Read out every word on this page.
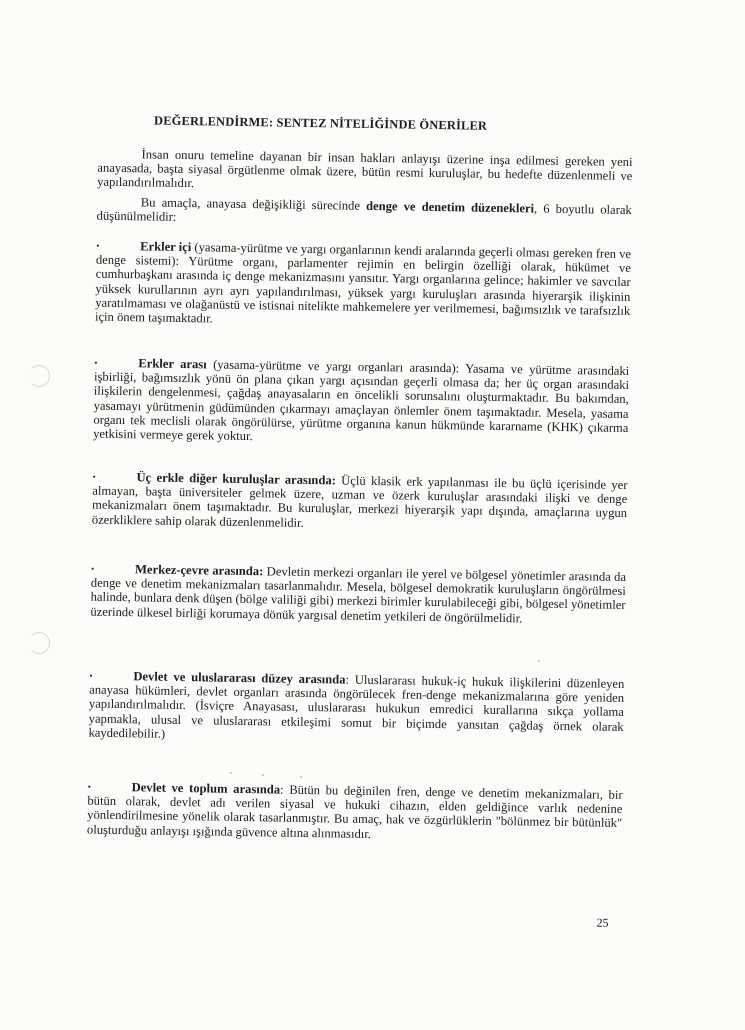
DEĞERLENDİRME: SENTEZ NİTELİĞİNDE ÖNERİLER

İnsan onuru temeline dayanan bir insan hakları anlayışı üzerine inşa edilmesi gereken yeni anayasada, başta siyasal örgütlenme olmak üzere, bütün resmi kuruluşlar, bu hedefte düzenlenmeli ve yapılandırılmalıdır.

Bu amaçla, anayasa değişikliği sürecinde denge ve denetim düzenekleri, 6 boyutlu olarak düşünülmelidir:

•	Erkler içi (yasama-yürütme ve yargı organlarının kendi aralarında geçerli olması gereken fren ve denge sistemi): Yürütme organı, parlamenter rejimin en belirgin özelliği olarak, hükümet ve cumhurbaşkanı arasında iç denge mekanizmasını yansıtır. Yargı organlarına gelince; hakimler ve savcılar yüksek kurullarının ayrı ayrı yapılandırılması, yüksek yargı kuruluşları arasında hiyerarşik ilişkinin yaratılmaması ve olağanüstü ve istisnai nitelikte mahkemelere yer verilmemesi, bağımsızlık ve tarafsızlık için önem taşımaktadır.

•	Erkler arası (yasama-yürütme ve yargı organları arasında): Yasama ve yürütme arasındaki işbirliği, bağımsızlık yönü ön plana çıkan yargı açısından geçerli olmasa da; her üç organ arasındaki ilişkilerin dengelenmesi, çağdaş anayasaların en öncelikli sorunsalını oluşturmaktadır. Bu bakımdan, yasamayı yürütmenin güdümünden çıkarmayı amaçlayan önlemler önem taşımaktadır. Mesela, yasama organı tek meclisli olarak öngörülürse, yürütme organına kanun hükmünde kararname (KHK) çıkarma yetkisini vermeye gerek yoktur.

•	Üç erkle diğer kuruluşlar arasında: Üçlü klasik erk yapılanması ile bu üçlü içerisinde yer almayan, başta üniversiteler gelmek üzere, uzman ve özerk kuruluşlar arasındaki ilişki ve denge mekanizmaları önem taşımaktadır. Bu kuruluşlar, merkezi hiyerarşik yapı dışında, amaçlarına uygun özerkliklere sahip olarak düzenlenmelidir.

•	Merkez-çevre arasında: Devletin merkezi organları ile yerel ve bölgesel yönetimler arasında da denge ve denetim mekanizmaları tasarlanmalıdır. Mesela, bölgesel demokratik kuruluşların öngörülmesi halinde, bunlara denk düşen (bölge valiliği gibi) merkezi birimler kurulabileceği gibi, bölgesel yönetimler üzerinde ülkesel birliği korumaya dönük yargısal denetim yetkileri de öngörülmelidir.

•	Devlet ve uluslararası düzey arasında: Uluslararası hukuk-iç hukuk ilişkilerini düzenleyen anayasa hükümleri, devlet organları arasında öngörülecek fren-denge mekanizmalarına göre yeniden yapılandırılmalıdır. (İsviçre Anayasası, uluslararası hukukun emredici kurallarına sıkça yollama yapmakla, ulusal ve uluslararası etkileşimi somut bir biçimde yansıtan çağdaş örnek olarak kaydedilebilir.)

•	Devlet ve toplum arasında: Bütün bu değinilen fren, denge ve denetim mekanizmaları, bir bütün olarak, devlet adı verilen siyasal ve hukuki cihazın, elden geldiğince varlık nedenine yönlendirilmesine yönelik olarak tasarlanmıştır. Bu amaç, hak ve özgürlüklerin "bölünmez bir bütünlük" oluşturduğu anlayışı ışığında güvence altına alınmasıdır.

25
